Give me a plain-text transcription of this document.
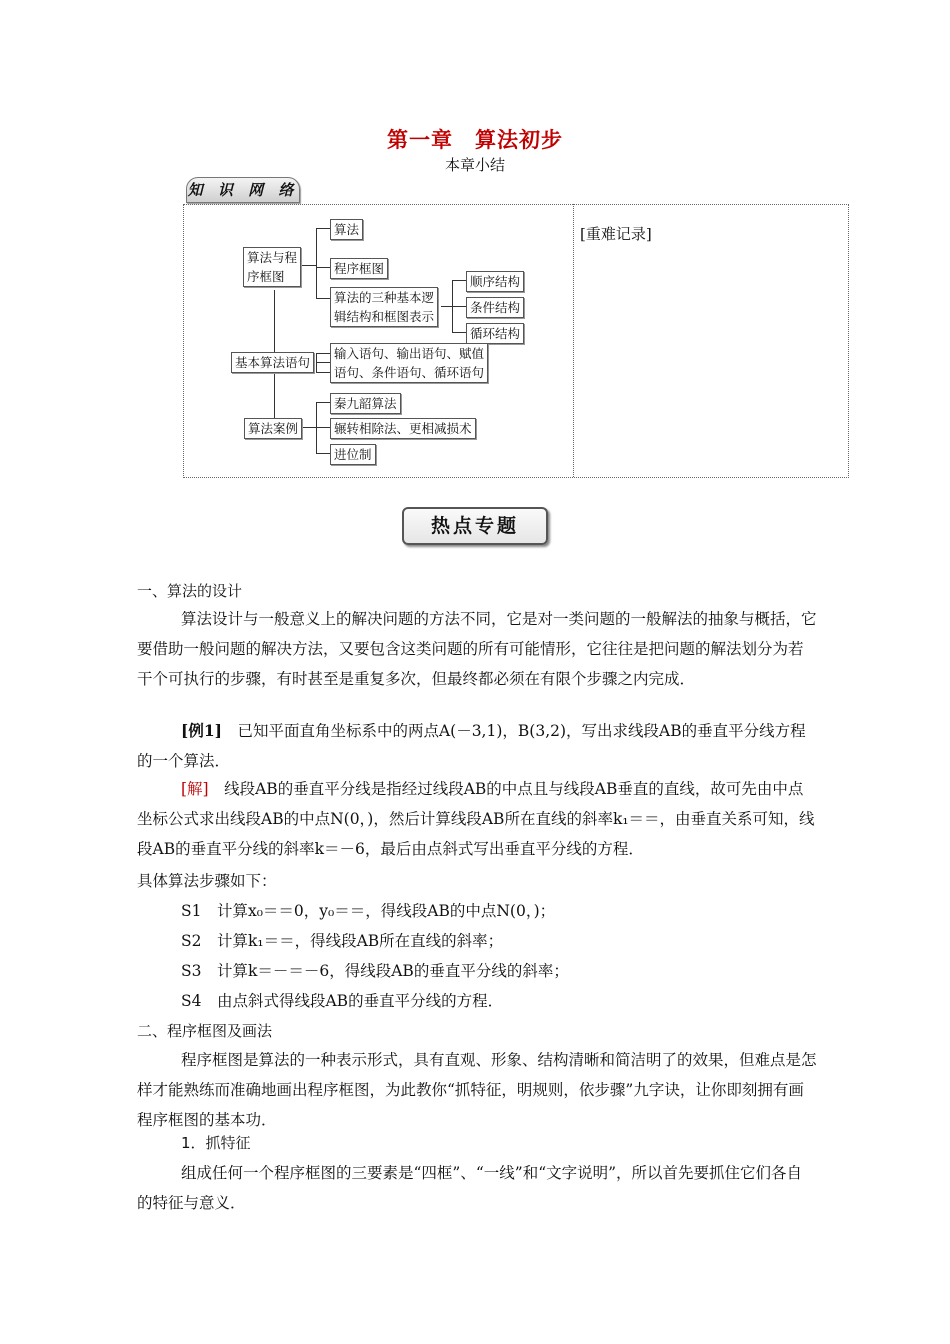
第一章　算法初步
本章小结
知 识 网 络
[重难记录]
算法与程
序框图
算法
程序框图
算法的三种基本逻
辑结构和框图表示
顺序结构
条件结构
循环结构
基本算法语句
输入语句、输出语句、赋值
语句、条件语句、循环语句
算法案例
秦九韶算法
辗转相除法、更相减损术
进位制
热点专题
一、算法的设计
算法设计与一般意义上的解决问题的方法不同，它是对一类问题的一般解法的抽象与概括，它要借助一般问题的解决方法，又要包含这类问题的所有可能情形，它往往是把问题的解法划分为若干个可执行的步骤，有时甚至是重复多次，但最终都必须在有限个步骤之内完成．
[例1]　已知平面直角坐标系中的两点A(－3,1)，B(3,2)，写出求线段AB的垂直平分线方程的一个算法．
[解]　线段AB的垂直平分线是指经过线段AB的中点且与线段AB垂直的直线，故可先由中点坐标公式求出线段AB的中点N(0，)，然后计算线段AB所在直线的斜率k₁＝＝，由垂直关系可知，线段AB的垂直平分线的斜率k＝－6，最后由点斜式写出垂直平分线的方程．
具体算法步骤如下：
S1　计算x₀＝＝0，y₀＝＝，得线段AB的中点N(0，)；
S2　计算k₁＝＝，得线段AB所在直线的斜率；
S3　计算k＝－＝－6，得线段AB的垂直平分线的斜率；
S4　由点斜式得线段AB的垂直平分线的方程．
二、程序框图及画法
程序框图是算法的一种表示形式，具有直观、形象、结构清晰和简洁明了的效果，但难点是怎样才能熟练而准确地画出程序框图，为此教你“抓特征，明规则，依步骤”九字诀，让你即刻拥有画程序框图的基本功．
1．抓特征
组成任何一个程序框图的三要素是“四框”、“一线”和“文字说明”，所以首先要抓住它们各自的特征与意义．
